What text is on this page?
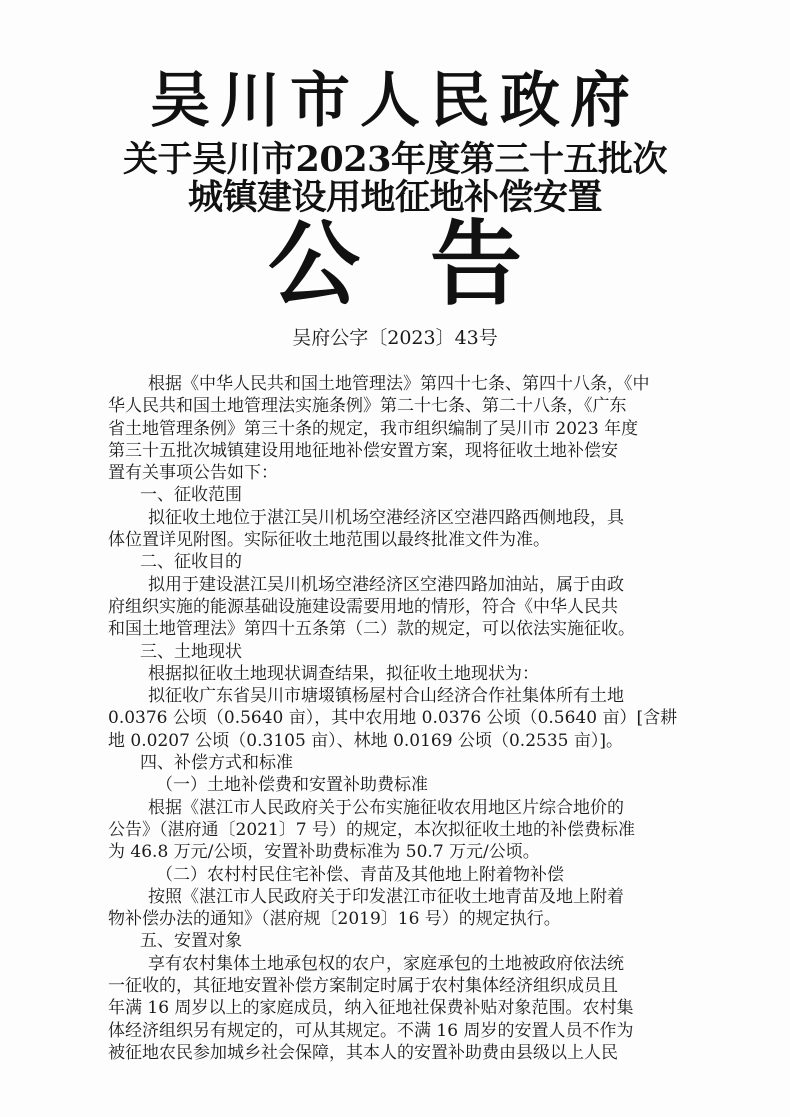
吴川市人民政府
关于吴川市2023年度第三十五批次
城镇建设用地征地补偿安置
公告
吴府公字〔2023〕43号
根据《中华人民共和国土地管理法》第四十七条、第四十八条，《中
华人民共和国土地管理法实施条例》第二十七条、第二十八条，《广东
省土地管理条例》第三十条的规定，我市组织编制了吴川市 2023 年度
第三十五批次城镇建设用地征地补偿安置方案，现将征收土地补偿安
置有关事项公告如下：
一、征收范围
拟征收土地位于湛江吴川机场空港经济区空港四路西侧地段，具
体位置详见附图。实际征收土地范围以最终批准文件为准。
二、征收目的
拟用于建设湛江吴川机场空港经济区空港四路加油站，属于由政
府组织实施的能源基础设施建设需要用地的情形，符合《中华人民共
和国土地管理法》第四十五条第（二）款的规定，可以依法实施征收。
三、土地现状
根据拟征收土地现状调查结果，拟征收土地现状为：
拟征收广东省吴川市塘㙍镇杨屋村合山经济合作社集体所有土地
0.0376 公顷（0.5640 亩），其中农用地 0.0376 公顷（0.5640 亩）[含耕
地 0.0207 公顷（0.3105 亩）、林地 0.0169 公顷（0.2535 亩）]。
四、补偿方式和标准
（一）土地补偿费和安置补助费标准
根据《湛江市人民政府关于公布实施征收农用地区片综合地价的
公告》（湛府通〔2021〕7 号）的规定，本次拟征收土地的补偿费标准
为 46.8 万元/公顷，安置补助费标准为 50.7 万元/公顷。
（二）农村村民住宅补偿、青苗及其他地上附着物补偿
按照《湛江市人民政府关于印发湛江市征收土地青苗及地上附着
物补偿办法的通知》（湛府规〔2019〕16 号）的规定执行。
五、安置对象
享有农村集体土地承包权的农户，家庭承包的土地被政府依法统
一征收的，其征地安置补偿方案制定时属于农村集体经济组织成员且
年满 16 周岁以上的家庭成员，纳入征地社保费补贴对象范围。农村集
体经济组织另有规定的，可从其规定。不满 16 周岁的安置人员不作为
被征地农民参加城乡社会保障，其本人的安置补助费由县级以上人民
